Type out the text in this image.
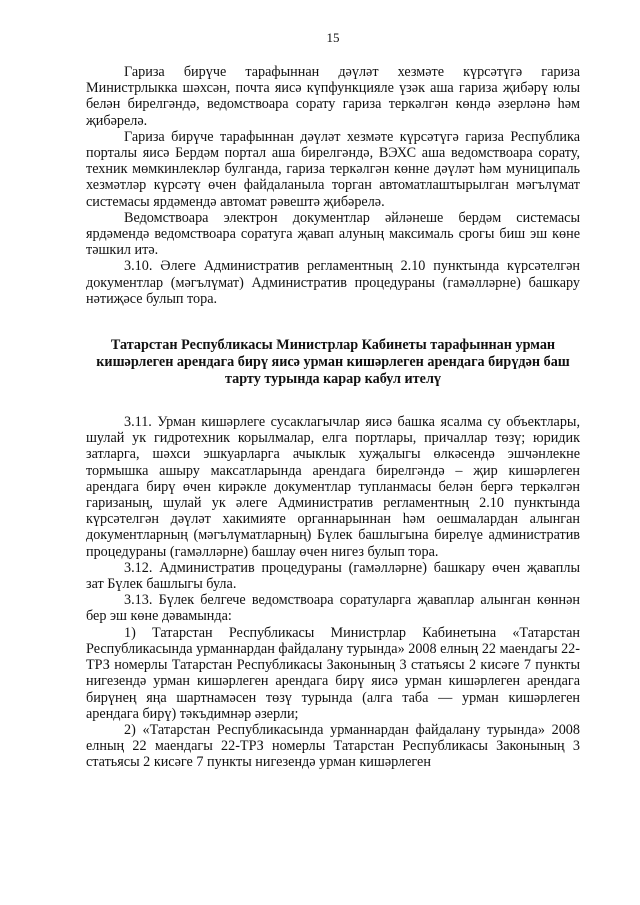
15

Гариза бирүче тарафыннан дәүләт хезмәте күрсәтүгә гариза Министрлыкка шәхсән, почта яисә күпфункцияле үзәк аша гариза җибәрү юлы белән бирелгәндә, ведомствоара сорату гариза теркәлгән көндә әзерләнә һәм җибәрелә.

Гариза бирүче тарафыннан дәүләт хезмәте күрсәтүгә гариза Республика порталы яисә Бердәм портал аша бирелгәндә, ВЭХС аша ведомствоара сорату, техник мөмкинлекләр булганда, гариза теркәлгән көнне дәүләт һәм муниципаль хезмәтләр күрсәтү өчен файдаланыла торган автоматлаштырылган мәгълүмат системасы ярдәмендә автомат рәвештә җибәрелә.

Ведомствоара электрон документлар әйләнеше бердәм системасы ярдәмендә ведомствоара соратуга җавап алуның максималь срогы биш эш көне тәшкил итә.

3.10. Әлеге Административ регламентның 2.10 пунктында күрсәтелгән документлар (мәгълүмат) Административ процедураны (гамәлләрне) башкару нәтиҗәсе булып тора.

Татарстан Республикасы Министрлар Кабинеты тарафыннан урман кишәрлеген арендага бирү яисә урман кишәрлеген арендага бирүдән баш тарту турында карар кабул ителү

3.11. Урман кишәрлеге сусаклагычлар яисә башка ясалма су объектлары, шулай ук гидротехник корылмалар, елга портлары, причаллар төзү; юридик затларга, шәхси эшкуарларга ачыклык хуҗалыгы өлкәсендә эшчәнлекне тормышка ашыру максатларында арендага бирелгәндә – җир кишәрлеген арендага бирү өчен кирәкле документлар тупланмасы белән бергә теркәлгән гаризаның, шулай ук әлеге Административ регламентның 2.10 пунктында күрсәтелгән дәүләт хакимияте органнарыннан һәм оешмалардан алынган документларның (мәгълүматларның) Бүлек башлыгына бирелүе административ процедураны (гамәлләрне) башлау өчен нигез булып тора.

3.12. Административ процедураны (гамәлләрне) башкару өчен җаваплы зат Бүлек башлыгы була.

3.13. Бүлек белгече ведомствоара соратуларга җаваплар алынган көннән бер эш көне дәвамында:

1) Татарстан Республикасы Министрлар Кабинетына «Татарстан Республикасында урманнардан файдалану турында» 2008 елның 22 маендагы 22-ТРЗ номерлы Татарстан Республикасы Законының 3 статьясы 2 кисәге 7 пункты нигезендә урман кишәрлеген арендага бирү яисә урман кишәрлеген арендага бирүнең яңа шартнамәсен төзү турында (алга таба — урман кишәрлеген арендага бирү) тәкъдимнәр әзерли;

2) «Татарстан Республикасында урманнардан файдалану турында» 2008 елның 22 маендагы 22-ТРЗ номерлы Татарстан Республикасы Законының 3 статьясы 2 кисәге 7 пункты нигезендә урман кишәрлеген
